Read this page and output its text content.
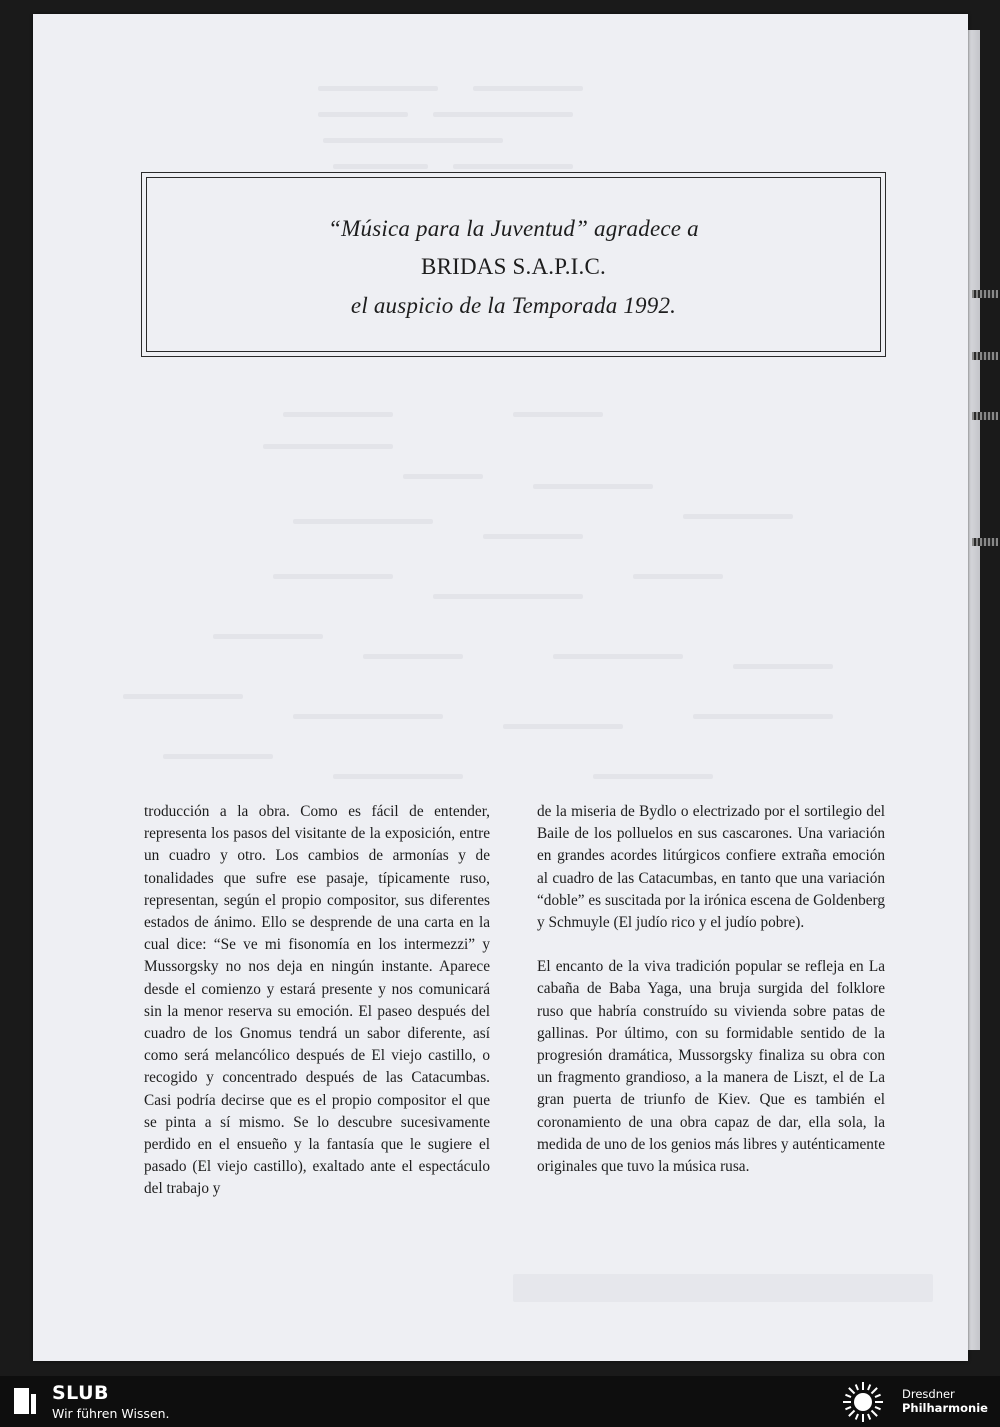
“Música para la Juventud” agradece a
BRIDAS S.A.P.I.C.
el auspicio de la Temporada 1992.

troducción a la obra. Como es fácil de entender, representa los pasos del visitante de la exposición, entre un cuadro y otro. Los cambios de armonías y de tonalidades que sufre ese pasaje, típicamente ruso, representan, según el propio compositor, sus diferentes estados de ánimo. Ello se desprende de una carta en la cual dice: “Se ve mi fisonomía en los intermezzi” y Mussorgsky no nos deja en ningún instante. Aparece desde el comienzo y estará presente y nos comunicará sin la menor reserva su emoción. El paseo después del cuadro de los Gnomus tendrá un sabor diferente, así como será melancólico después de El viejo castillo, o recogido y concentrado después de las Catacumbas. Casi podría decirse que es el propio compositor el que se pinta a sí mismo. Se lo descubre sucesivamente perdido en el ensueño y la fantasía que le sugiere el pasado (El viejo castillo), exaltado ante el espectáculo del trabajo y

de la miseria de Bydlo o electrizado por el sortilegio del Baile de los polluelos en sus cascarones. Una variación en grandes acordes litúrgicos confiere extraña emoción al cuadro de las Catacumbas, en tanto que una variación “doble” es suscitada por la irónica escena de Goldenberg y Schmuyle (El judío rico y el judío pobre).

El encanto de la viva tradición popular se refleja en La cabaña de Baba Yaga, una bruja surgida del folklore ruso que habría construído su vivienda sobre patas de gallinas. Por último, con su formidable sentido de la progresión dramática, Mussorgsky finaliza su obra con un fragmento grandioso, a la manera de Liszt, el de La gran puerta de triunfo de Kiev. Que es también el coronamiento de una obra capaz de dar, ella sola, la medida de uno de los genios más libres y auténticamente originales que tuvo la música rusa.

SLUB
Wir führen Wissen.
Dresdner
Philharmonie
